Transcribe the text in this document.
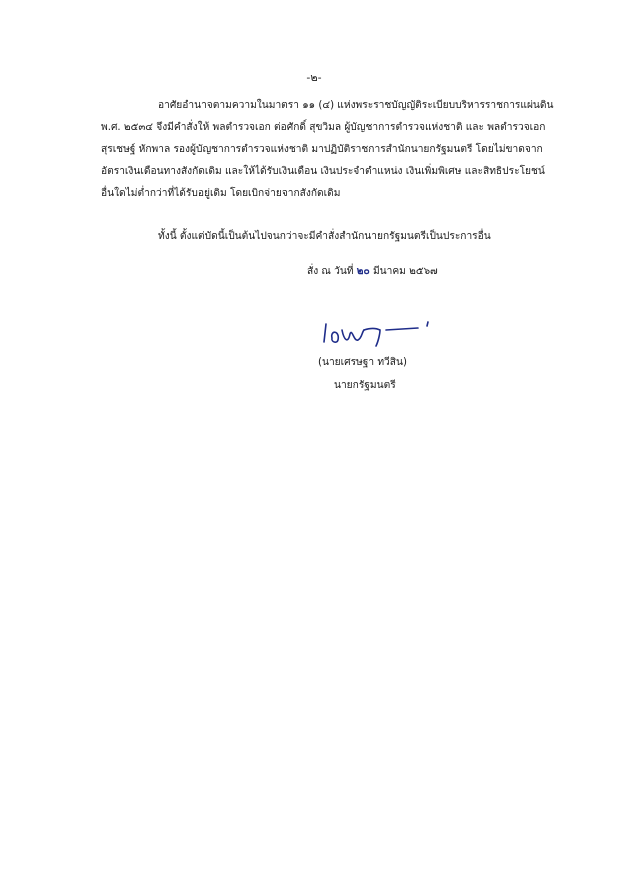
-๒-
อาศัยอำนาจตามความในมาตรา ๑๑ (๔) แห่งพระราชบัญญัติระเบียบบริหารราชการแผ่นดิน
พ.ศ. ๒๕๓๔ จึงมีคำสั่งให้ พลตำรวจเอก ต่อศักดิ์ สุขวิมล ผู้บัญชาการตำรวจแห่งชาติ และ พลตำรวจเอก
สุรเชษฐ์ หักพาล รองผู้บัญชาการตำรวจแห่งชาติ มาปฏิบัติราชการสำนักนายกรัฐมนตรี โดยไม่ขาดจาก
อัตราเงินเดือนทางสังกัดเดิม และให้ได้รับเงินเดือน เงินประจำตำแหน่ง เงินเพิ่มพิเศษ และสิทธิประโยชน์
อื่นใดไม่ต่ำกว่าที่ได้รับอยู่เดิม โดยเบิกจ่ายจากสังกัดเดิม
ทั้งนี้ ตั้งแต่บัดนี้เป็นต้นไปจนกว่าจะมีคำสั่งสำนักนายกรัฐมนตรีเป็นประการอื่น
สั่ง ณ วันที่ ๒๐ มีนาคม ๒๕๖๗
(นายเศรษฐา ทวีสิน)
นายกรัฐมนตรี
